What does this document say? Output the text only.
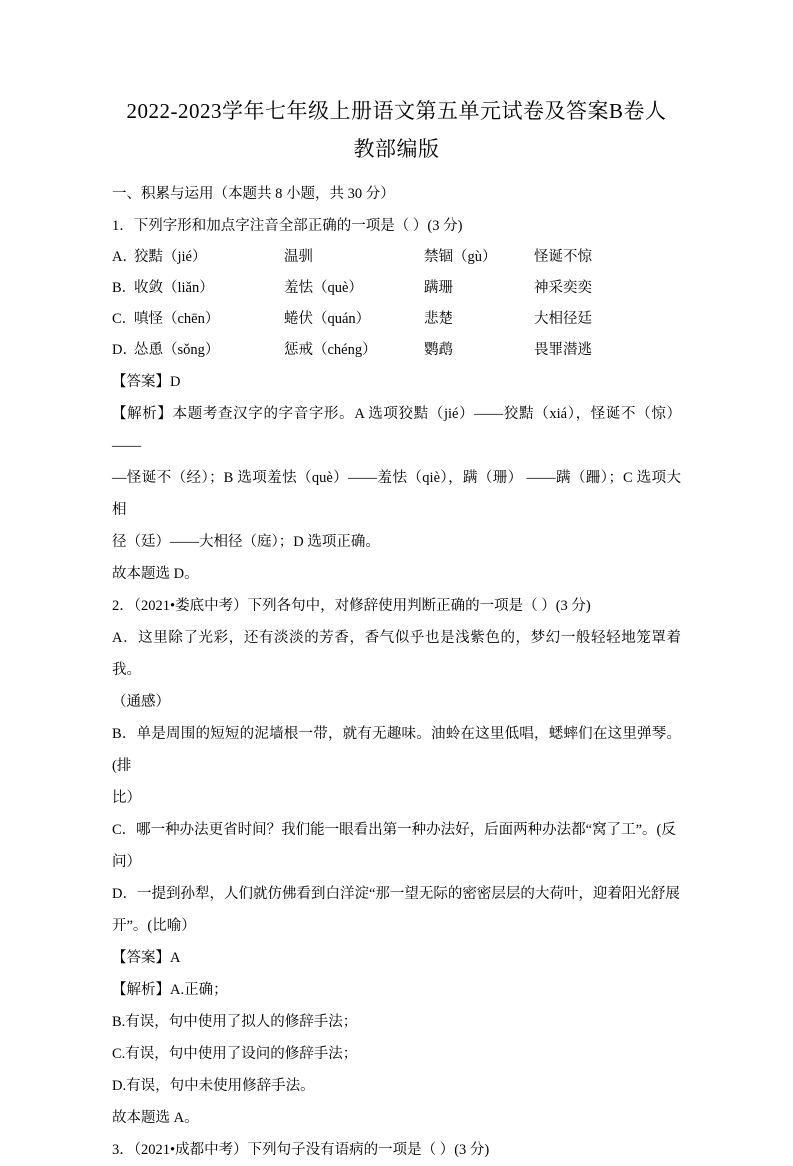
2022-2023学年七年级上册语文第五单元试卷及答案B卷人
教部编版

一、积累与运用（本题共 8 小题，共 30 分）

1．下列字形和加点字注音全部正确的一项是（ ）(3 分)

A．
狡黠（jié）	温驯	禁锢（gù）	怪诞不惊
B．
收敛（liǎn）	羞怯（què）	蹒珊	神采奕奕
C．
嗔怪（chēn）	蜷伏（quán）	悲楚	大相径廷
D．
怂恿（sǒng）	惩戒（chéng）	鹦鹉	畏罪潜逃

【答案】D

【解析】本题考查汉字的字音字形。A 选项狡黠（jié）——狡黠（xiá），怪诞不（惊）——

—怪诞不（经）；B 选项羞怯（què）——羞怯（qiè），蹒（珊） ——蹒（跚）；C 选项大相

径（廷）——大相径（庭）；D 选项正确。

故本题选 D。

2．（2021•娄底中考）下列各句中，对修辞使用判断正确的一项是（ ）(3 分)

A．这里除了光彩，还有淡淡的芳香，香气似乎也是浅紫色的，梦幻一般轻轻地笼罩着我。

（通感）

B．单是周围的短短的泥墙根一带，就有无趣味。油蛉在这里低唱，蟋蟀们在这里弹琴。(排

比）

C．哪一种办法更省时间？我们能一眼看出第一种办法好，后面两种办法都“窝了工”。(反

问）

D．一提到孙犁，人们就仿佛看到白洋淀“那一望无际的密密层层的大荷叶，迎着阳光舒展

开”。(比喻）

【答案】A

【解析】A.正确；

B.有误，句中使用了拟人的修辞手法；

C.有误，句中使用了设问的修辞手法；

D.有误，句中未使用修辞手法。

故本题选 A。

3．（2021•成都中考）下列句子没有语病的一项是（ ）(3 分)
